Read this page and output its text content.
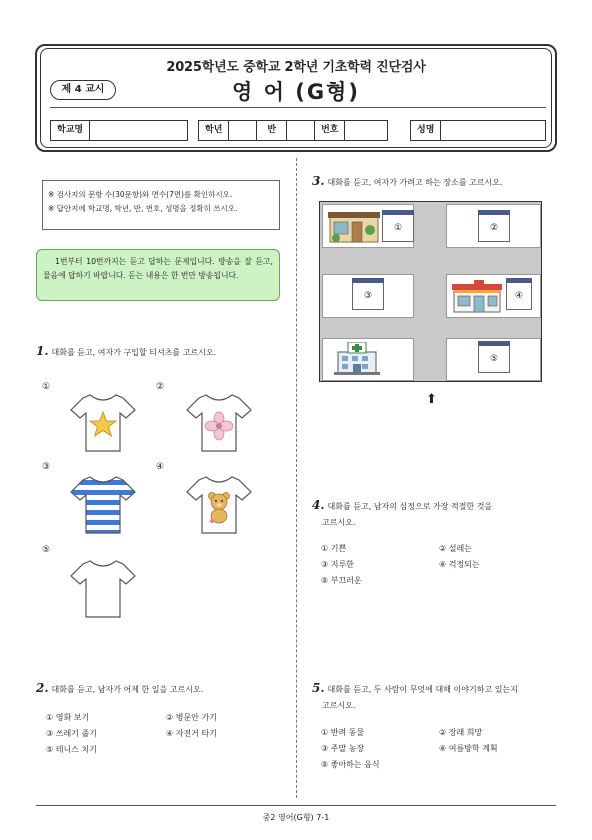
2025학년도 중학교 2학년 기초학력 진단검사
제 4 교시	영 어 (G형)
학교명	학년	반	번호	성명
※ 검사지의 문항 수(30문항)와 면수(7면)를 확인하시오.
※ 답안지에 학교명, 학년, 반, 번호, 성명을 정확히 쓰시오.
1번부터 10번까지는 듣고 답하는 문제입니다. 방송을 잘 듣고, 물음에 답하기 바랍니다. 듣는 내용은 한 번만 방송됩니다.
1. 대화를 듣고, 여자가 구입할 티셔츠를 고르시오.
①	②
③	④
⑤
2. 대화를 듣고, 남자가 어제 한 일을 고르시오.
① 영화 보기	② 병문안 가기
③ 쓰레기 줍기	④ 자전거 타기
⑤ 테니스 치기
3. 대화를 듣고, 여자가 가려고 하는 장소를 고르시오.
①	②
③	④
⑤
⬆
4. 대화를 듣고, 남자의 심정으로 가장 적절한 것을
고르시오.
① 기쁜	② 설레는
③ 지루한	④ 걱정되는
⑤ 부끄러운
5. 대화를 듣고, 두 사람이 무엇에 대해 이야기하고 있는지
고르시오.
① 반려 동물	② 장래 희망
③ 주말 농장	④ 여름방학 계획
⑤ 좋아하는 음식
중2 영어(G형) 7-1
